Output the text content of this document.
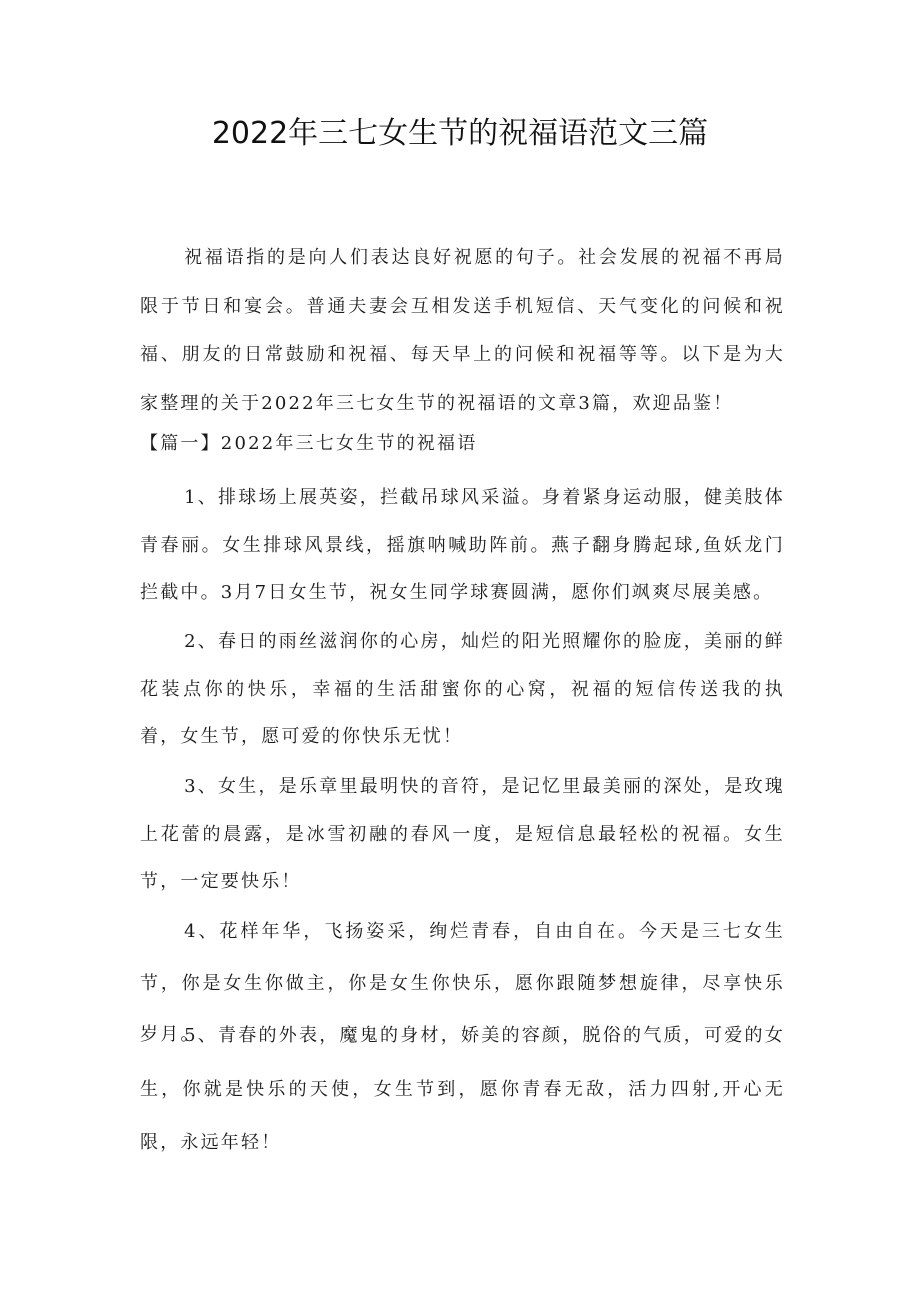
2022年三七女生节的祝福语范文三篇

祝福语指的是向人们表达良好祝愿的句子。社会发展的祝福不再局限于节日和宴会。普通夫妻会互相发送手机短信、天气变化的问候和祝福、朋友的日常鼓励和祝福、每天早上的问候和祝福等等。以下是为大家整理的关于2022年三七女生节的祝福语的文章3篇，欢迎品鉴！

【篇一】2022年三七女生节的祝福语

1、排球场上展英姿，拦截吊球风采溢。身着紧身运动服，健美肢体青春丽。女生排球风景线，摇旗呐喊助阵前。燕子翻身腾起球,鱼妖龙门拦截中。3月7日女生节，祝女生同学球赛圆满，愿你们飒爽尽展美感。

2、春日的雨丝滋润你的心房，灿烂的阳光照耀你的脸庞，美丽的鲜花装点你的快乐，幸福的生活甜蜜你的心窝，祝福的短信传送我的执着，女生节，愿可爱的你快乐无忧！

3、女生，是乐章里最明快的音符，是记忆里最美丽的深处，是玫瑰上花蕾的晨露，是冰雪初融的春风一度，是短信息最轻松的祝福。女生节，一定要快乐！

4、花样年华，飞扬姿采，绚烂青春，自由自在。今天是三七女生节，你是女生你做主，你是女生你快乐，愿你跟随梦想旋律，尽享快乐岁月。

5、青春的外表，魔鬼的身材，娇美的容颜，脱俗的气质，可爱的女生，你就是快乐的天使，女生节到，愿你青春无敌，活力四射,开心无限，永远年轻！
